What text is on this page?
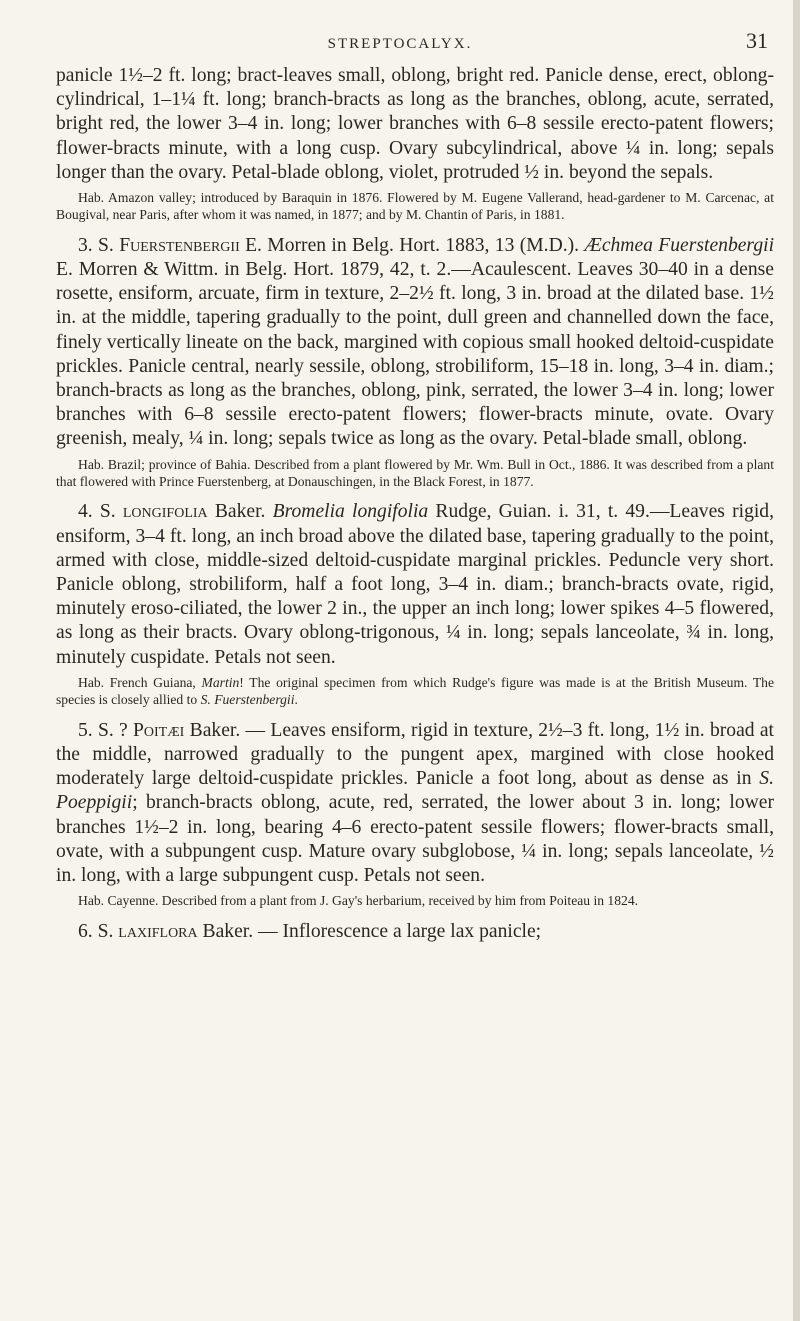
STREPTOCALYX.	31

panicle 1½–2 ft. long; bract-leaves small, oblong, bright red. Panicle dense, erect, oblong-cylindrical, 1–1¼ ft. long; branch-bracts as long as the branches, oblong, acute, serrated, bright red, the lower 3–4 in. long; lower branches with 6–8 sessile erecto-patent flowers; flower-bracts minute, with a long cusp. Ovary subcylindrical, above ¼ in. long; sepals longer than the ovary. Petal-blade oblong, violet, protruded ½ in. beyond the sepals.

Hab. Amazon valley; introduced by Baraquin in 1876. Flowered by M. Eugene Vallerand, head-gardener to M. Carcenac, at Bougival, near Paris, after whom it was named, in 1877; and by M. Chantin of Paris, in 1881.

3. S. Fuerstenbergii E. Morren in Belg. Hort. 1883, 13 (M.D.). Æchmea Fuerstenbergii E. Morren & Wittm. in Belg. Hort. 1879, 42, t. 2.—Acaulescent. Leaves 30–40 in a dense rosette, ensiform, arcuate, firm in texture, 2–2½ ft. long, 3 in. broad at the dilated base. 1½ in. at the middle, tapering gradually to the point, dull green and channelled down the face, finely vertically lineate on the back, margined with copious small hooked deltoid-cuspidate prickles. Panicle central, nearly sessile, oblong, strobiliform, 15–18 in. long, 3–4 in. diam.; branch-bracts as long as the branches, oblong, pink, serrated, the lower 3–4 in. long; lower branches with 6–8 sessile erecto-patent flowers; flower-bracts minute, ovate. Ovary greenish, mealy, ¼ in. long; sepals twice as long as the ovary. Petal-blade small, oblong.

Hab. Brazil; province of Bahia. Described from a plant flowered by Mr. Wm. Bull in Oct., 1886. It was described from a plant that flowered with Prince Fuerstenberg, at Donauschingen, in the Black Forest, in 1877.

4. S. longifolia Baker. Bromelia longifolia Rudge, Guian. i. 31, t. 49.—Leaves rigid, ensiform, 3–4 ft. long, an inch broad above the dilated base, tapering gradually to the point, armed with close, middle-sized deltoid-cuspidate marginal prickles. Peduncle very short. Panicle oblong, strobiliform, half a foot long, 3–4 in. diam.; branch-bracts ovate, rigid, minutely eroso-ciliated, the lower 2 in., the upper an inch long; lower spikes 4–5 flowered, as long as their bracts. Ovary oblong-trigonous, ¼ in. long; sepals lanceolate, ¾ in. long, minutely cuspidate. Petals not seen.

Hab. French Guiana, Martin! The original specimen from which Rudge's figure was made is at the British Museum. The species is closely allied to S. Fuerstenbergii.

5. S. ? Poitæi Baker. — Leaves ensiform, rigid in texture, 2½–3 ft. long, 1½ in. broad at the middle, narrowed gradually to the pungent apex, margined with close hooked moderately large deltoid-cuspidate prickles. Panicle a foot long, about as dense as in S. Poeppigii; branch-bracts oblong, acute, red, serrated, the lower about 3 in. long; lower branches 1½–2 in. long, bearing 4–6 erecto-patent sessile flowers; flower-bracts small, ovate, with a subpungent cusp. Mature ovary subglobose, ¼ in. long; sepals lanceolate, ½ in. long, with a large subpungent cusp. Petals not seen.

Hab. Cayenne. Described from a plant from J. Gay's herbarium, received by him from Poiteau in 1824.

6. S. laxiflora Baker. — Inflorescence a large lax panicle;
